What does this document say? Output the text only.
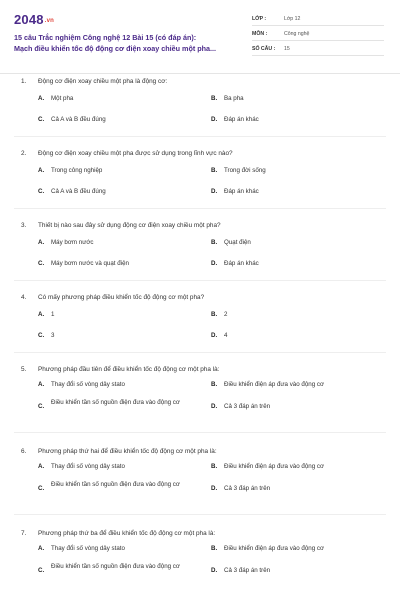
2048.vn
15 câu Trắc nghiệm Công nghệ 12 Bài 15 (có đáp án):
Mạch điều khiển tốc độ động cơ điện xoay chiều một pha...
LỚP :	Lớp 12
MÔN :	Công nghệ
SỐ CÂU : 15
1. Động cơ điện xoay chiều một pha là động cơ:
A. Một pha	B. Ba pha
C. Cả A và B đều đúng	D. Đáp án khác
2. Động cơ điện xoay chiều một pha được sử dụng trong lĩnh vực nào?
A. Trong công nghiệp	B. Trong đời sống
C. Cả A và B đều đúng	D. Đáp án khác
3. Thiết bị nào sau đây sử dụng động cơ điện xoay chiều một pha?
A. Máy bơm nước	B. Quạt điện
C. Máy bơm nước và quạt điện	D. Đáp án khác
4. Có mấy phương pháp điều khiển tốc độ động cơ một pha?
A. 1	B. 2
C. 3	D. 4
5. Phương pháp đầu tiên để điều khiển tốc độ động cơ một pha là:
A. Thay đổi số vòng dây stato	B. Điều khiển điện áp đưa vào động cơ
C.
Điều khiển tần số nguồn điện đưa vào động cơ
D. Cả 3 đáp án trên
6. Phương pháp thứ hai để điều khiển tốc độ động cơ một pha là:
A. Thay đổi số vòng dây stato	B. Điều khiển điện áp đưa vào động cơ
C.
Điều khiển tần số nguồn điện đưa vào động cơ
D. Cả 3 đáp án trên
7. Phương pháp thứ ba để điều khiển tốc độ động cơ một pha là:
A. Thay đổi số vòng dây stato	B. Điều khiển điện áp đưa vào động cơ
C.
Điều khiển tần số nguồn điện đưa vào động cơ
D. Cả 3 đáp án trên
